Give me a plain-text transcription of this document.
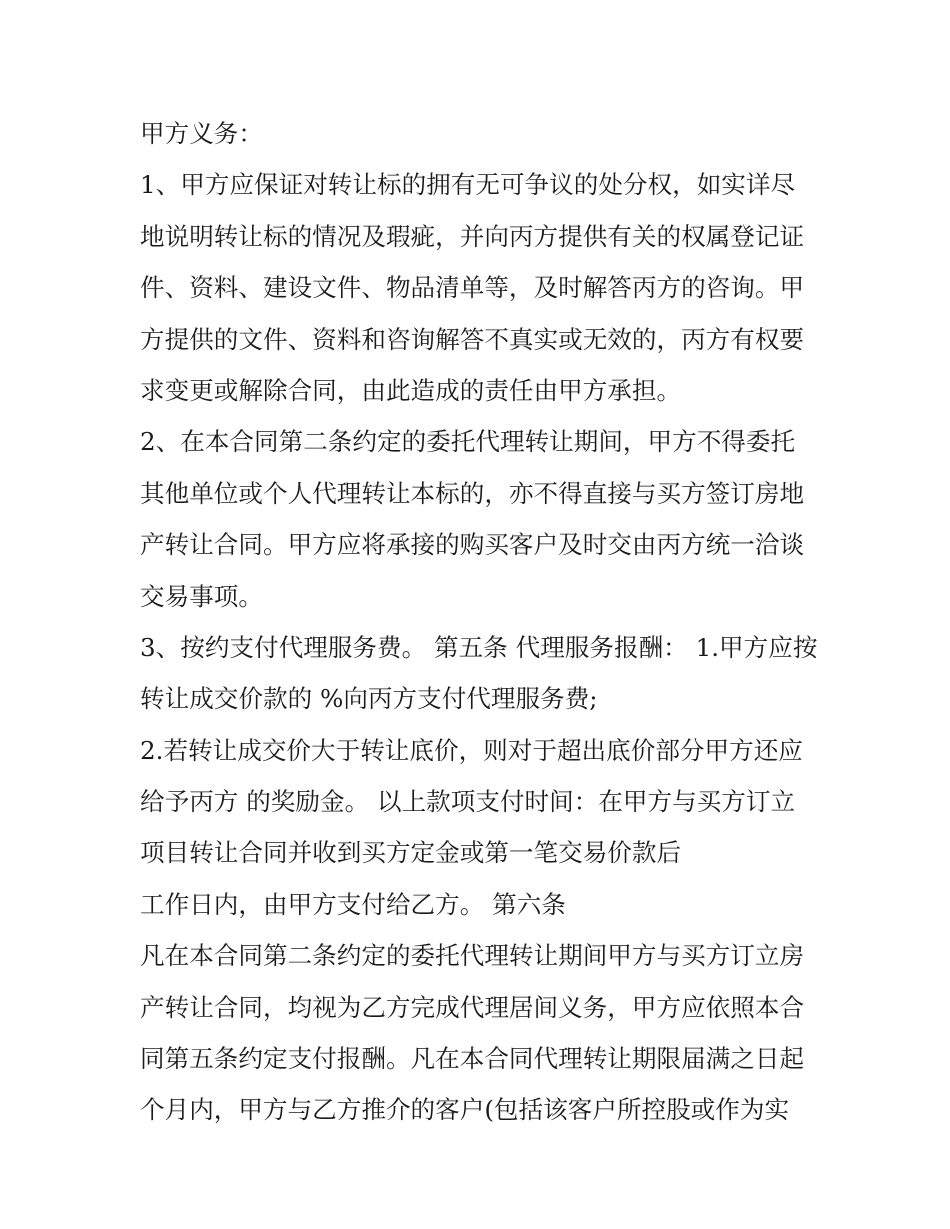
甲方义务：
1、甲方应保证对转让标的拥有无可争议的处分权，如实详尽
地说明转让标的情况及瑕疵，并向丙方提供有关的权属登记证
件、资料、建设文件、物品清单等，及时解答丙方的咨询。甲
方提供的文件、资料和咨询解答不真实或无效的，丙方有权要
求变更或解除合同，由此造成的责任由甲方承担。
2、在本合同第二条约定的委托代理转让期间，甲方不得委托
其他单位或个人代理转让本标的，亦不得直接与买方签订房地
产转让合同。甲方应将承接的购买客户及时交由丙方统一洽谈
交易事项。
3、按约支付代理服务费。 第五条 代理服务报酬： 1.甲方应按
转让成交价款的 %向丙方支付代理服务费;
2.若转让成交价大于转让底价，则对于超出底价部分甲方还应
给予丙方 的奖励金。 以上款项支付时间：在甲方与买方订立
项目转让合同并收到买方定金或第一笔交易价款后
工作日内，由甲方支付给乙方。 第六条
凡在本合同第二条约定的委托代理转让期间甲方与买方订立房
产转让合同，均视为乙方完成代理居间义务，甲方应依照本合
同第五条约定支付报酬。凡在本合同代理转让期限届满之日起
个月内，甲方与乙方推介的客户(包括该客户所控股或作为实
